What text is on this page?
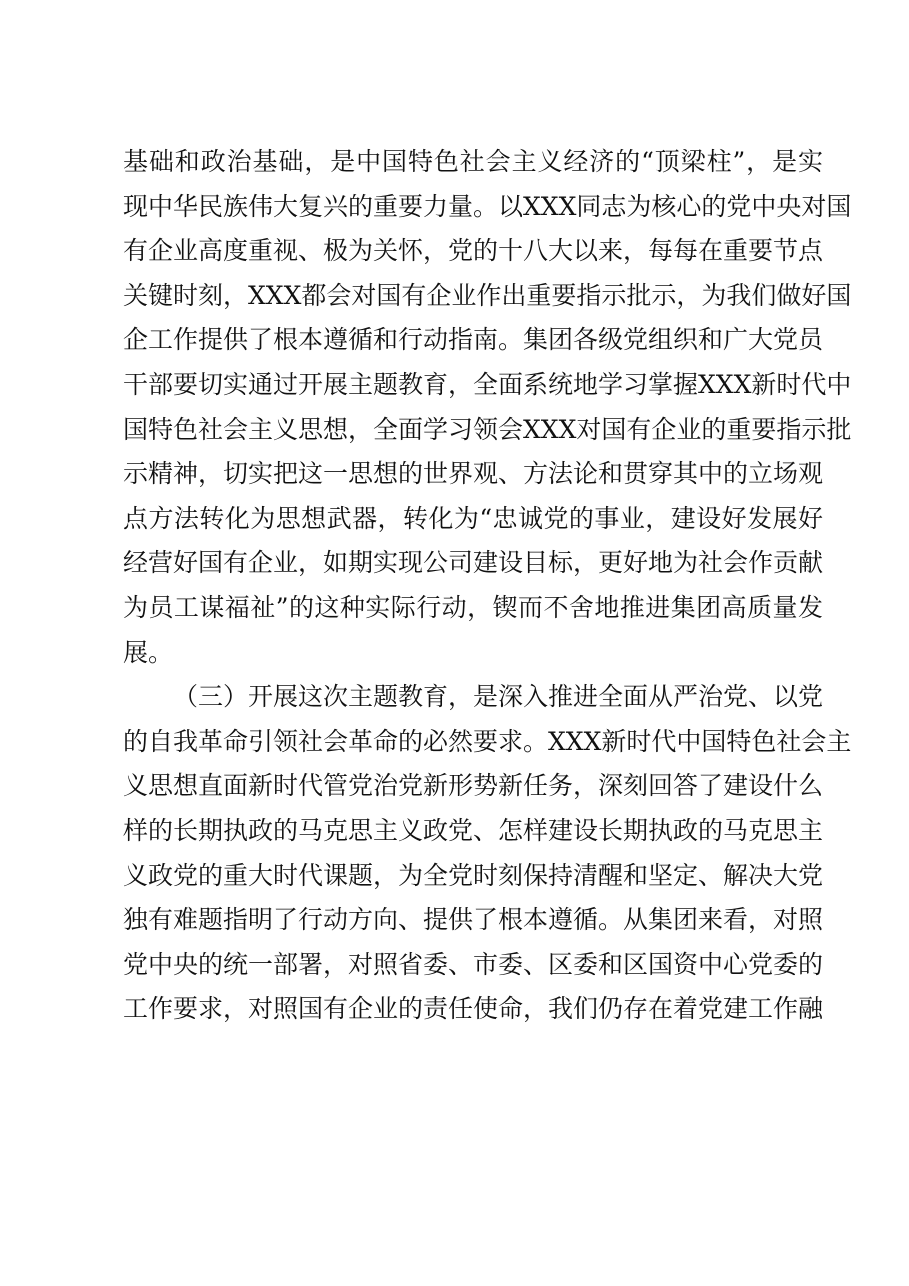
基础和政治基础，是中国特色社会主义经济的“顶梁柱”，是实
现中华民族伟大复兴的重要力量。以XXX同志为核心的党中央对国
有企业高度重视、极为关怀，党的十八大以来，每每在重要节点
关键时刻，XXX都会对国有企业作出重要指示批示，为我们做好国
企工作提供了根本遵循和行动指南。集团各级党组织和广大党员
干部要切实通过开展主题教育，全面系统地学习掌握XXX新时代中
国特色社会主义思想，全面学习领会XXX对国有企业的重要指示批
示精神，切实把这一思想的世界观、方法论和贯穿其中的立场观
点方法转化为思想武器，转化为“忠诚党的事业，建设好发展好
经营好国有企业，如期实现公司建设目标，更好地为社会作贡献
为员工谋福祉”的这种实际行动，锲而不舍地推进集团高质量发
展。
（三）开展这次主题教育，是深入推进全面从严治党、以党
的自我革命引领社会革命的必然要求。XXX新时代中国特色社会主
义思想直面新时代管党治党新形势新任务，深刻回答了建设什么
样的长期执政的马克思主义政党、怎样建设长期执政的马克思主
义政党的重大时代课题，为全党时刻保持清醒和坚定、解决大党
独有难题指明了行动方向、提供了根本遵循。从集团来看，对照
党中央的统一部署，对照省委、市委、区委和区国资中心党委的
工作要求，对照国有企业的责任使命，我们仍存在着党建工作融
